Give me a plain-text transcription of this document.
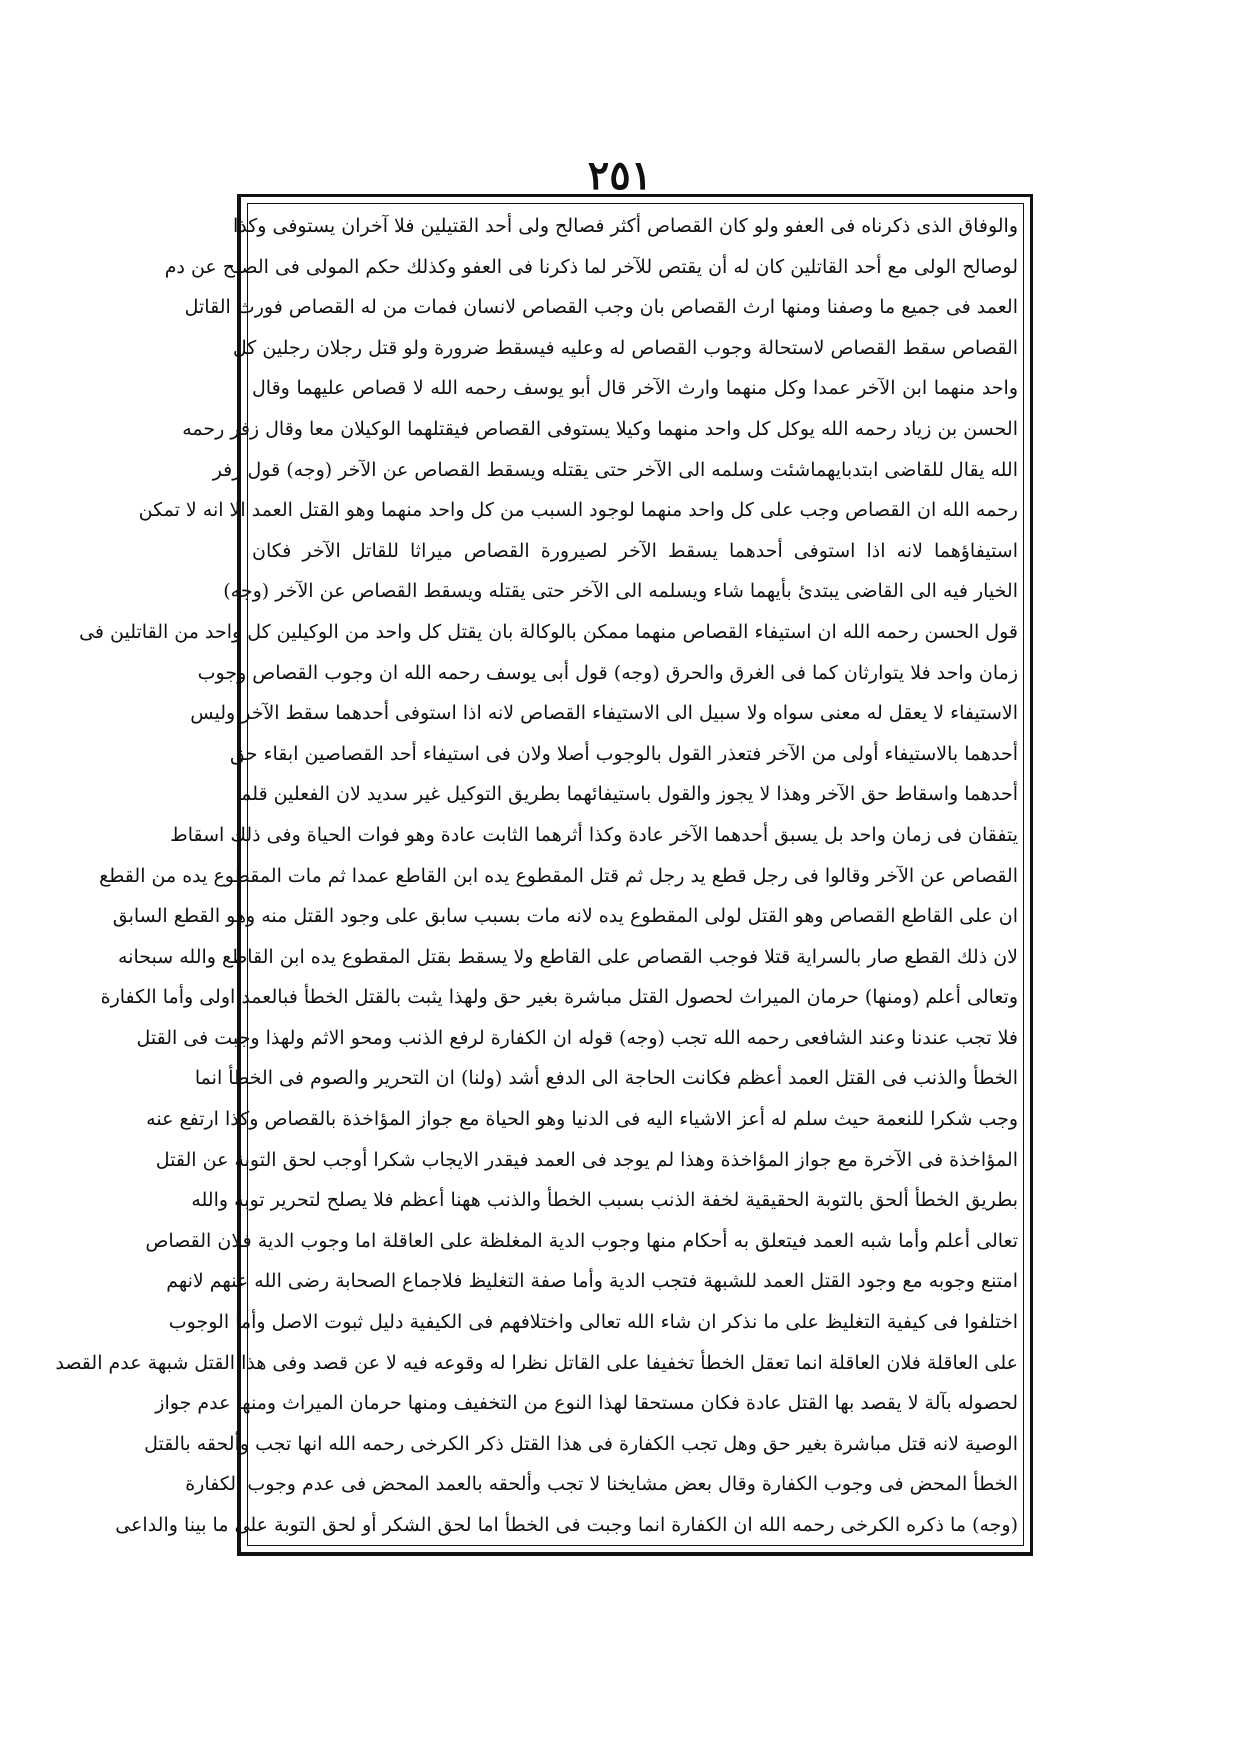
٢٥١
والوفاق الذى ذكرناه فى العفو ولو كان القصاص أكثر فصالح ولى أحد القتيلين فلا آخران يستوفى وكذا
لوصالح الولى مع أحد القاتلين كان له أن يقتص للآخر لما ذكرنا فى العفو وكذلك حكم المولى فى الصلح عن دم
العمد فى جميع ما وصفنا ومنها ارث القصاص بان وجب القصاص لانسان فمات من له القصاص فورث القاتل
القصاص سقط القصاص لاستحالة وجوب القصاص له وعليه فيسقط ضرورة ولو قتل رجلان رجلين كل
واحد منهما ابن الآخر عمدا وكل منهما وارث الآخر قال أبو يوسف رحمه الله لا قصاص عليهما وقال
الحسن بن زياد رحمه الله يوكل كل واحد منهما وكيلا يستوفى القصاص فيقتلهما الوكيلان معا وقال زفر رحمه
الله يقال للقاضى ابتدبايهماشئت وسلمه الى الآخر حتى يقتله ويسقط القصاص عن الآخر (وجه) قول زفر
رحمه الله ان القصاص وجب على كل واحد منهما لوجود السبب من كل واحد منهما وهو القتل العمد الا انه لا تمكن
استيفاؤهما لانه اذا استوفى أحدهما يسقط الآخر لصيرورة القصاص ميراثا للقاتل الآخر فكان
الخيار فيه الى القاضى يبتدئ بأيهما شاء ويسلمه الى الآخر حتى يقتله ويسقط القصاص عن الآخر (وجه)
قول الحسن رحمه الله ان استيفاء القصاص منهما ممكن بالوكالة بان يقتل كل واحد من الوكيلين كل واحد من القاتلين فى
زمان واحد فلا يتوارثان كما فى الغرق والحرق (وجه) قول أبى يوسف رحمه الله ان وجوب القصاص وجوب
الاستيفاء لا يعقل له معنى سواه ولا سبيل الى الاستيفاء القصاص لانه اذا استوفى أحدهما سقط الآخر وليس
أحدهما بالاستيفاء أولى من الآخر فتعذر القول بالوجوب أصلا ولان فى استيفاء أحد القصاصين ابقاء حق
أحدهما واسقاط حق الآخر وهذا لا يجوز والقول باستيفائهما بطريق التوكيل غير سديد لان الفعلين قلما
يتفقان فى زمان واحد بل يسبق أحدهما الآخر عادة وكذا أثرهما الثابت عادة وهو فوات الحياة وفى ذلك اسقاط
القصاص عن الآخر وقالوا فى رجل قطع يد رجل ثم قتل المقطوع يده ابن القاطع عمدا ثم مات المقطوع يده من القطع
ان على القاطع القصاص وهو القتل لولى المقطوع يده لانه مات بسبب سابق على وجود القتل منه وهو القطع السابق
لان ذلك القطع صار بالسراية قتلا فوجب القصاص على القاطع ولا يسقط بقتل المقطوع يده ابن القاطع والله سبحانه
وتعالى أعلم (ومنها) حرمان الميراث لحصول القتل مباشرة بغير حق ولهذا يثبت بالقتل الخطأ فبالعمد اولى وأما الكفارة
فلا تجب عندنا وعند الشافعى رحمه الله تجب (وجه) قوله ان الكفارة لرفع الذنب ومحو الاثم ولهذا وجبت فى القتل
الخطأ والذنب فى القتل العمد أعظم فكانت الحاجة الى الدفع أشد (ولنا) ان التحرير والصوم فى الخطأ انما
وجب شكرا للنعمة حيث سلم له أعز الاشياء اليه فى الدنيا وهو الحياة مع جواز المؤاخذة بالقصاص وكذا ارتفع عنه
المؤاخذة فى الآخرة مع جواز المؤاخذة وهذا لم يوجد فى العمد فيقدر الايجاب شكرا أوجب لحق التوبة عن القتل
بطريق الخطأ ألحق بالتوبة الحقيقية لخفة الذنب بسبب الخطأ والذنب ههنا أعظم فلا يصلح لتحرير توبة والله
تعالى أعلم وأما شبه العمد فيتعلق به أحكام منها وجوب الدية المغلظة على العاقلة اما وجوب الدية فلان القصاص
امتنع وجوبه مع وجود القتل العمد للشبهة فتجب الدية وأما صفة التغليظ فلاجماع الصحابة رضى الله عنهم لانهم
اختلفوا فى كيفية التغليظ على ما نذكر ان شاء الله تعالى واختلافهم فى الكيفية دليل ثبوت الاصل وأما الوجوب
على العاقلة فلان العاقلة انما تعقل الخطأ تخفيفا على القاتل نظرا له وقوعه فيه لا عن قصد وفى هذا القتل شبهة عدم القصد
لحصوله بآلة لا يقصد بها القتل عادة فكان مستحقا لهذا النوع من التخفيف ومنها حرمان الميراث ومنها عدم جواز
الوصية لانه قتل مباشرة بغير حق وهل تجب الكفارة فى هذا القتل ذكر الكرخى رحمه الله انها تجب وألحقه بالقتل
الخطأ المحض فى وجوب الكفارة وقال بعض مشايخنا لا تجب وألحقه بالعمد المحض فى عدم وجوب الكفارة
(وجه) ما ذكره الكرخى رحمه الله ان الكفارة انما وجبت فى الخطأ اما لحق الشكر أو لحق التوبة على ما بينا والداعى
